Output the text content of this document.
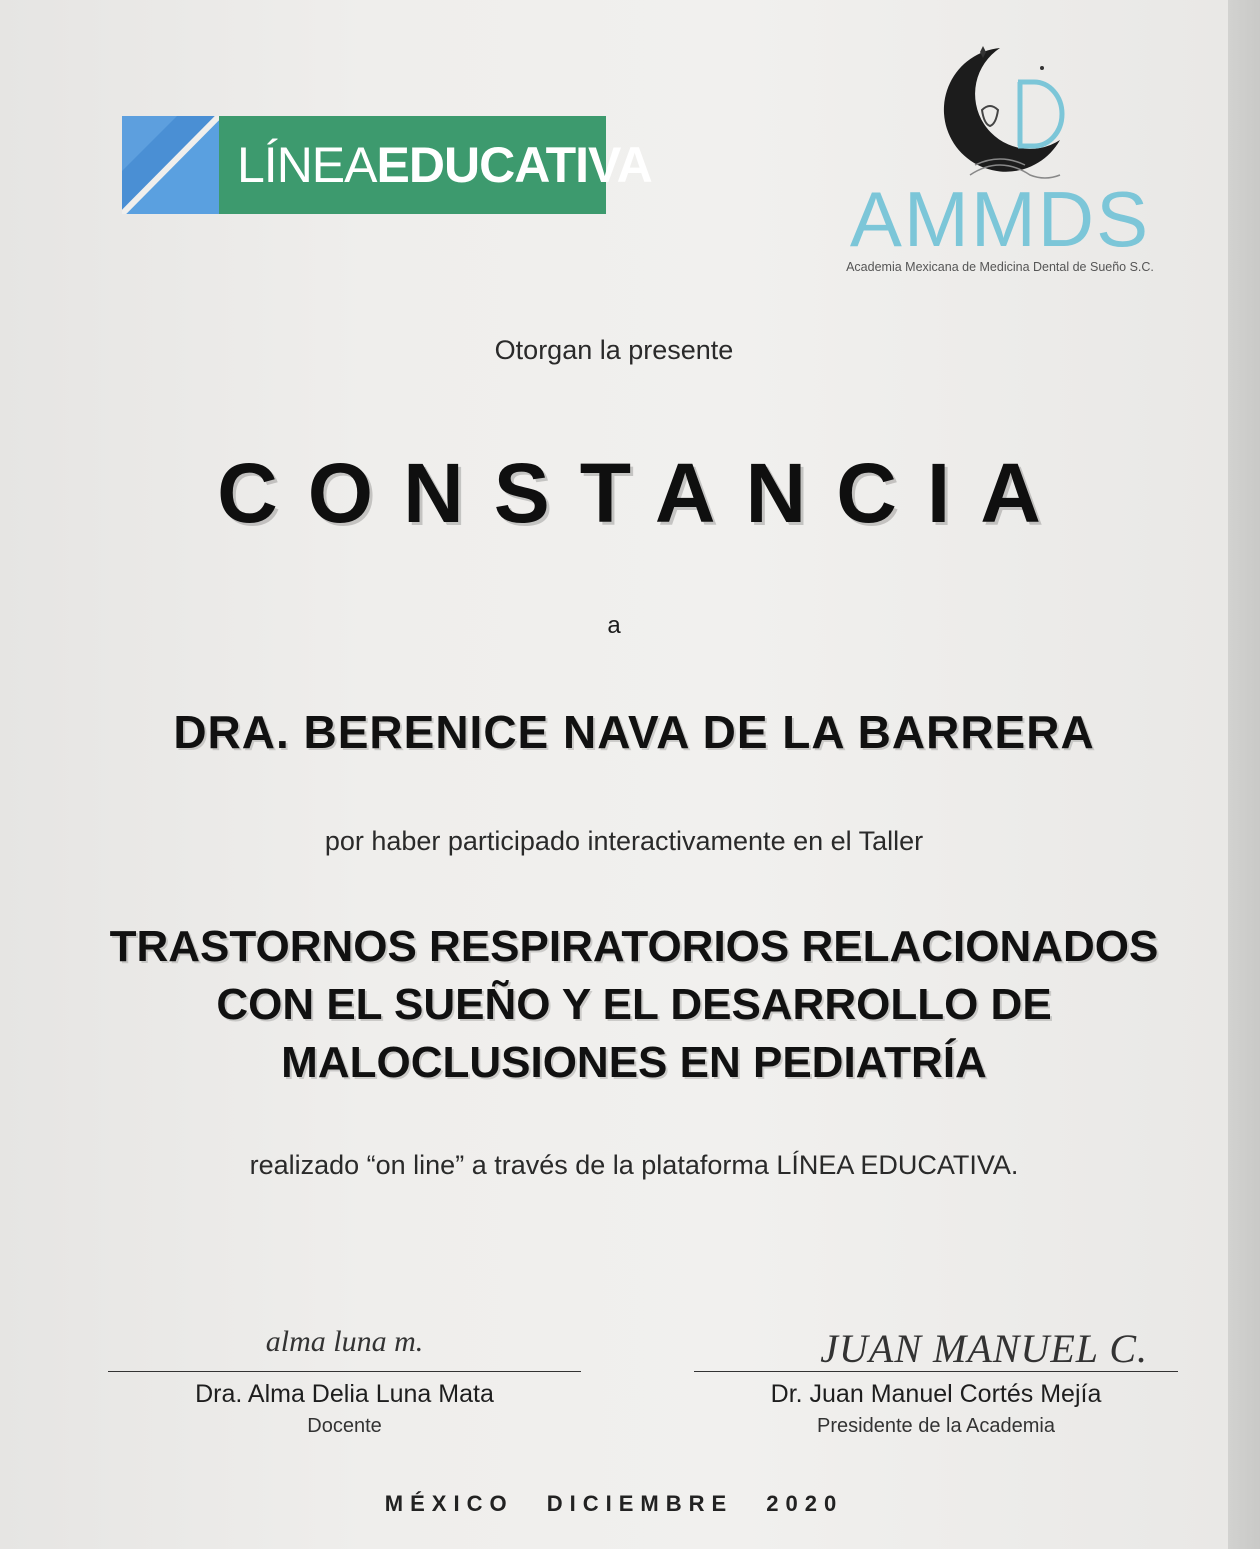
LÍNEA EDUCATIVA
AMMDS
Academia Mexicana de Medicina Dental de Sueño S.C.
Otorgan la presente
CONSTANCIA
a
DRA. BERENICE NAVA DE LA BARRERA
por haber participado interactivamente en el Taller
TRASTORNOS RESPIRATORIOS RELACIONADOS
CON EL SUEÑO Y EL DESARROLLO DE
MALOCLUSIONES EN PEDIATRÍA
realizado “on line” a través de la plataforma LÍNEA EDUCATIVA.
alma luna m.
Dra. Alma Delia Luna Mata
Docente
JUAN MANUEL C.
Dr. Juan Manuel Cortés Mejía
Presidente de la Academia
MÉXICO DICIEMBRE 2020
